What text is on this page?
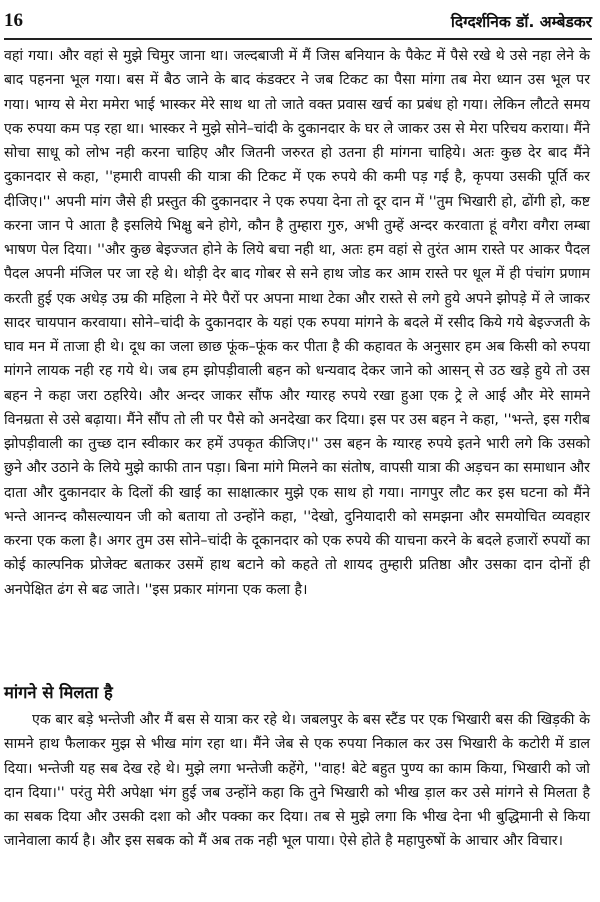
16	दिग्दर्शनिक डॉ. अम्बेडकर

वहां गया। और वहां से मुझे चिमुर जाना था। जल्दबाजी में मैं जिस बनियान के पैकेट में पैसे रखे थे उसे नहा लेने के बाद पहनना भूल गया। बस में बैठ जाने के बाद कंडक्टर ने जब टिकट का पैसा मांगा तब मेरा ध्यान उस भूल पर गया। भाग्य से मेरा ममेरा भाई भास्कर मेरे साथ था तो जाते वक्त प्रवास खर्च का प्रबंध हो गया। लेकिन लौटते समय एक रुपया कम पड़ रहा था। भास्कर ने मुझे सोने–चांदी के दुकानदार के घर ले जाकर उस से मेरा परिचय कराया। मैंने सोचा साधू को लोभ नही करना चाहिए और जितनी जरुरत हो उतना ही मांगना चाहिये। अतः कुछ देर बाद मैंने दुकानदार से कहा, ''हमारी वापसी की यात्रा की टिकट में एक रुपये की कमी पड़ गई है, कृपया उसकी पूर्ति कर दीजिए।'' अपनी मांग जैसे ही प्रस्तुत की दुकानदार ने एक रुपया देना तो दूर दान में ''तुम भिखारी हो, ढोंगी हो, कष्ट करना जान पे आता है इसलिये भिक्षु बने होगे, कौन है तुम्हारा गुरु, अभी तुम्हें अन्दर करवाता हूं वगैरा वगैरा लम्बा भाषण पेल दिया। ''और कुछ बेइज्जत होने के लिये बचा नही था, अतः हम वहां से तुरंत आम रास्ते पर आकर पैदल पैदल अपनी मंजिल पर जा रहे थे। थोड़ी देर बाद गोबर से सने हाथ जोड कर आम रास्ते पर धूल में ही पंचांग प्रणाम करती हुई एक अधेड़ उम्र की महिला ने मेरे पैरों पर अपना माथा टेका और रास्ते से लगे हुये अपने झोपड़े में ले जाकर सादर चायपान करवाया। सोने–चांदी के दुकानदार के यहां एक रुपया मांगने के बदले में रसीद किये गये बेइज्जती के घाव मन में ताजा ही थे। दूध का जला छाछ फूंक–फूंक कर पीता है की कहावत के अनुसार हम अब किसी को रुपया मांगने लायक नही रह गये थे। जब हम झोपड़ीवाली बहन को धन्यवाद देकर जाने को आसन् से उठ खड़े हुये तो उस बहन ने कहा जरा ठहरिये। और अन्दर जाकर सौंफ और ग्यारह रुपये रखा हुआ एक ट्रे ले आई और मेरे सामने विनम्रता से उसे बढ़ाया। मैंने सौंप तो ली पर पैसे को अनदेखा कर दिया। इस पर उस बहन ने कहा, ''भन्ते, इस गरीब झोपड़ीवाली का तुच्छ दान स्वीकार कर हमें उपकृत कीजिए।'' उस बहन के ग्यारह रुपये इतने भारी लगे कि उसको छुने और उठाने के लिये मुझे काफी तान पड़ा। बिना मांगे मिलने का संतोष, वापसी यात्रा की अड़चन का समाधान और दाता और दुकानदार के दिलों की खाई का साक्षात्कार मुझे एक साथ हो गया। नागपुर लौट कर इस घटना को मैंने भन्ते आनन्द कौसल्यायन जी को बताया तो उन्होंने कहा, ''देखो, दुनियादारी को समझना और समयोचित व्यवहार करना एक कला है। अगर तुम उस सोने–चांदी के दूकानदार को एक रुपये की याचना करने के बदले हजारों रुपयों का कोई काल्पनिक प्रोजेक्ट बताकर उसमें हाथ बटाने को कहते तो शायद तुम्हारी प्रतिष्ठा और उसका दान दोनों ही अनपेक्षित ढंग से बढ जाते। ''इस प्रकार मांगना एक कला है।

मांगने से मिलता है

एक बार बड़े भन्तेजी और मैं बस से यात्रा कर रहे थे। जबलपुर के बस स्टैंड पर एक भिखारी बस की खिड़की के सामने हाथ फैलाकर मुझ से भीख मांग रहा था। मैंने जेब से एक रुपया निकाल कर उस भिखारी के कटोरी में डाल दिया। भन्तेजी यह सब देख रहे थे। मुझे लगा भन्तेजी कहेंगे, ''वाह! बेटे बहुत पुण्य का काम किया, भिखारी को जो दान दिया।'' परंतु मेरी अपेक्षा भंग हुई जब उन्होंने कहा कि तुने भिखारी को भीख ड़ाल कर उसे मांगने से मिलता है का सबक दिया और उसकी दशा को और पक्का कर दिया। तब से मुझे लगा कि भीख देना भी बुद्धिमानी से किया जानेवाला कार्य है। और इस सबक को मैं अब तक नही भूल पाया। ऐसे होते है महापुरुषों के आचार और विचार।
